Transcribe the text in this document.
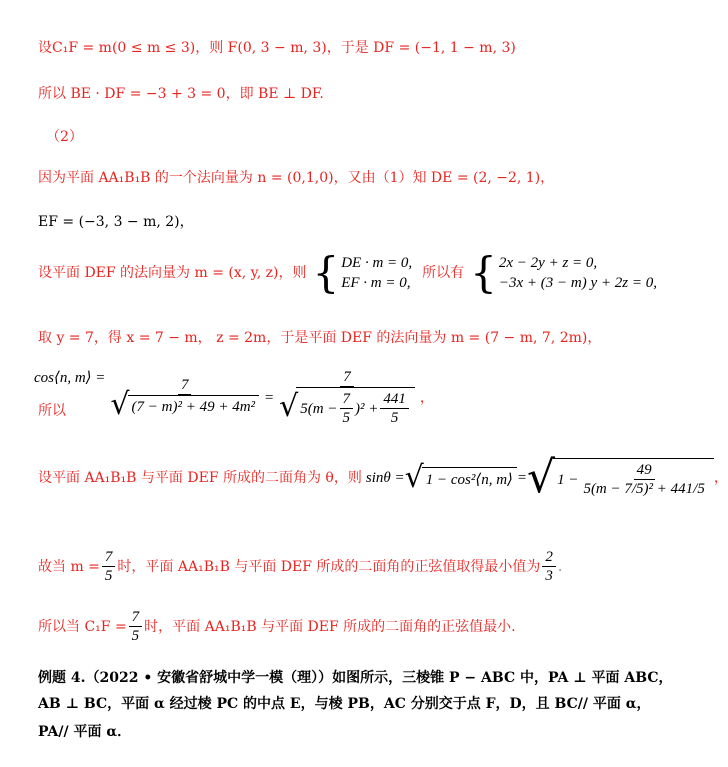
设C₁F = m(0 ≤ m ≤ 3)，则 F(0, 3 − m, 3)，于是 DF = (−1, 1 − m, 3)
所以 BE · DF = −3 + 3 = 0，即 BE ⊥ DF.
（2）
因为平面 AA₁B₁B 的一个法向量为 n = (0,1,0)，又由（1）知 DE = (2, −2, 1)，
EF = (−3, 3 − m, 2)，
设平面 DEF 的法向量为 m = (x, y, z)，则 { DE · m = 0,
EF · m = 0,
所以有 { 2x − 2y + z = 0,
−3x + (3 − m) y + 2z = 0,
取 y = 7，得 x = 7 − m， z = 2m，于是平面 DEF 的法向量为 m = (7 − m, 7, 2m)，
所以
cos⟨n, m⟩ = $\frac{7}{\text{√ (7 − m)² + 49 + 4m²}}$ =
7
√ $5(m - \frac{7}{5} )^2 + \frac{441}{5}$ ，
设平面 AA₁B₁B 与平面 DEF 所成的二面角为 θ，则 sinθ = √ 1 − cos²⟨n, m⟩ = √ $1 - \frac{49}{\text{5(m − 7/5)² + 441/5}}$ ，
故当 $m = \frac{7}{5}$ 时，平面 AA₁B₁B 与平面 DEF 所成的二面角的正弦值取得最小值为 $\frac{2}{3}$ .
所以当 $C_1F = \frac{7}{5}$ 时，平面 AA₁B₁B 与平面 DEF 所成的二面角的正弦值最小.
例题 4.（2022 • 安徽省舒城中学一模（理））如图所示，三棱锥 P − ABC 中，PA ⊥ 平面 ABC，
AB ⊥ BC，平面 α 经过棱 PC 的中点 E，与棱 PB，AC 分别交于点 F，D，且 BC// 平面 α，
PA// 平面 α．
